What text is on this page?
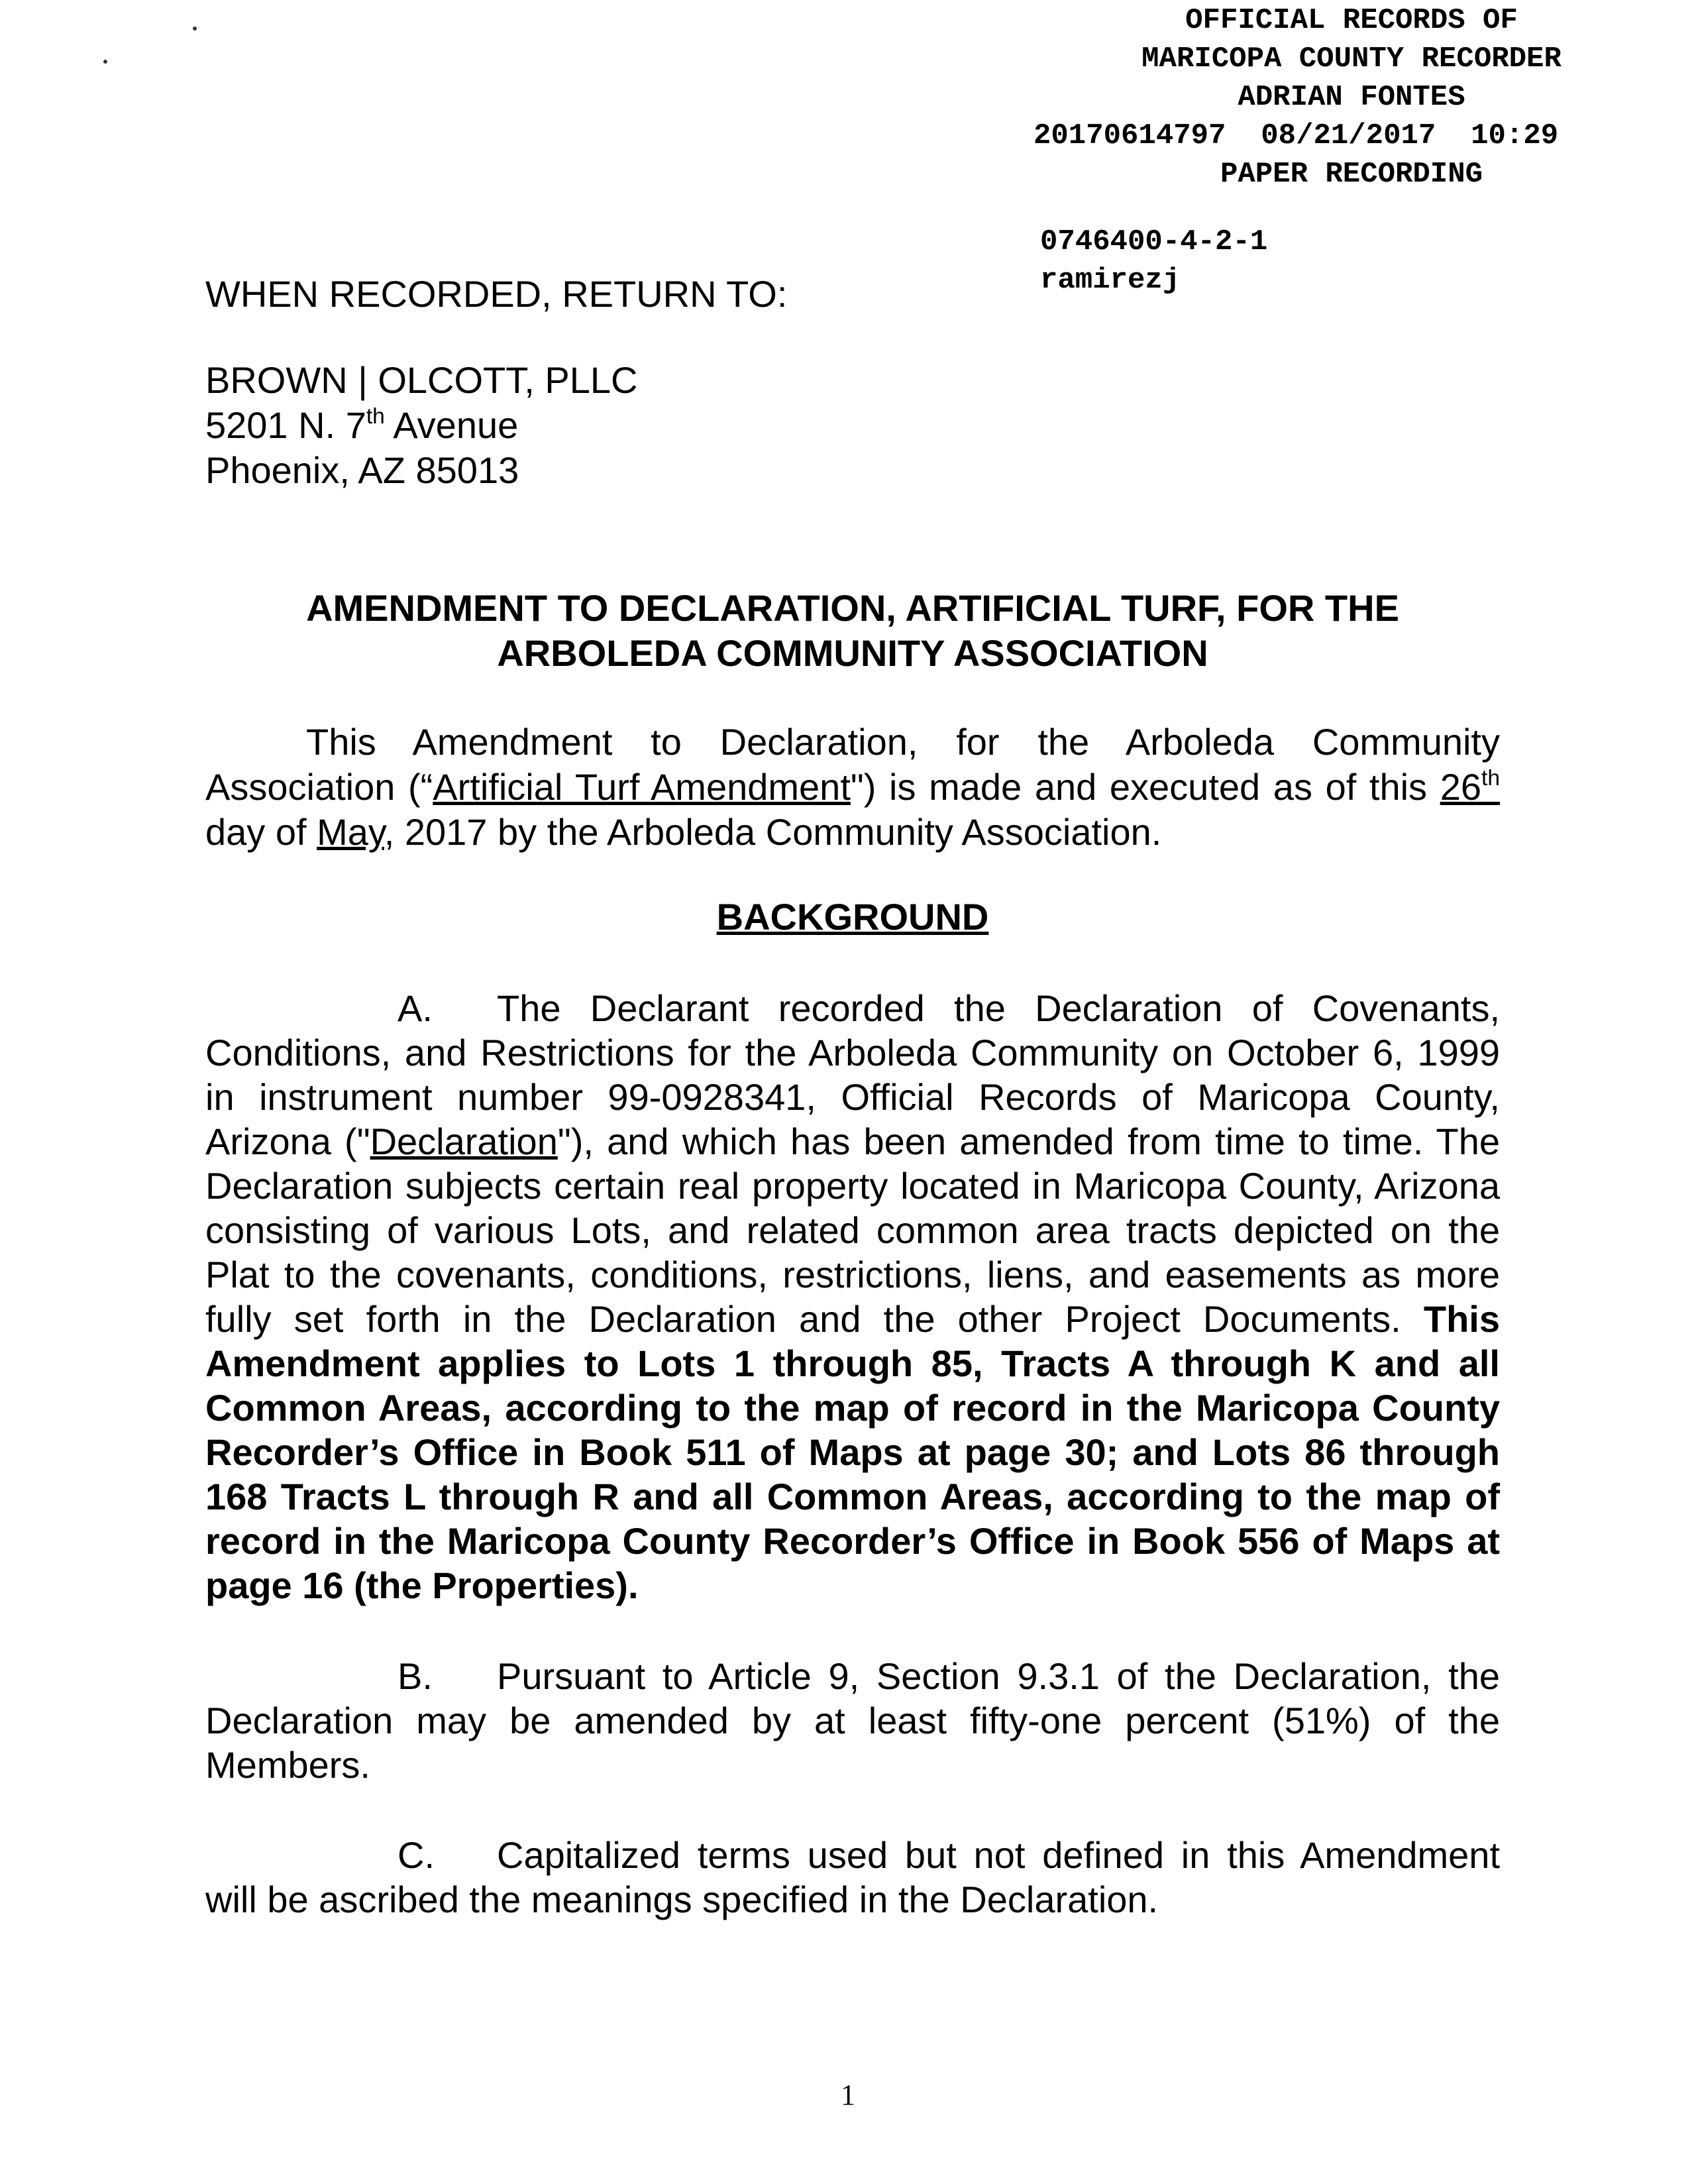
OFFICIAL RECORDS OF
MARICOPA COUNTY RECORDER
ADRIAN FONTES
20170614797  08/21/2017  10:29
PAPER RECORDING
0746400-4-2-1
ramirezj
WHEN RECORDED, RETURN TO:
BROWN | OLCOTT, PLLC
5201 N. 7th Avenue
Phoenix, AZ 85013
AMENDMENT TO DECLARATION, ARTIFICIAL TURF, FOR THE
ARBOLEDA COMMUNITY ASSOCIATION
This Amendment to Declaration, for the Arboleda Community Association (“Artificial Turf Amendment") is made and executed as of this 26th day of May, 2017 by the Arboleda Community Association.
BACKGROUND
A. The Declarant recorded the Declaration of Covenants, Conditions, and Restrictions for the Arboleda Community on October 6, 1999 in instrument number 99-0928341, Official Records of Maricopa County, Arizona ("Declaration"), and which has been amended from time to time. The Declaration subjects certain real property located in Maricopa County, Arizona consisting of various Lots, and related common area tracts depicted on the Plat to the covenants, conditions, restrictions, liens, and easements as more fully set forth in the Declaration and the other Project Documents. This Amendment applies to Lots 1 through 85, Tracts A through K and all Common Areas, according to the map of record in the Maricopa County Recorder’s Office in Book 511 of Maps at page 30; and Lots 86 through 168 Tracts L through R and all Common Areas, according to the map of record in the Maricopa County Recorder’s Office in Book 556 of Maps at page 16 (the Properties).
B. Pursuant to Article 9, Section 9.3.1 of the Declaration, the Declaration may be amended by at least fifty-one percent (51%) of the Members.
C. Capitalized terms used but not defined in this Amendment will be ascribed the meanings specified in the Declaration.
1
